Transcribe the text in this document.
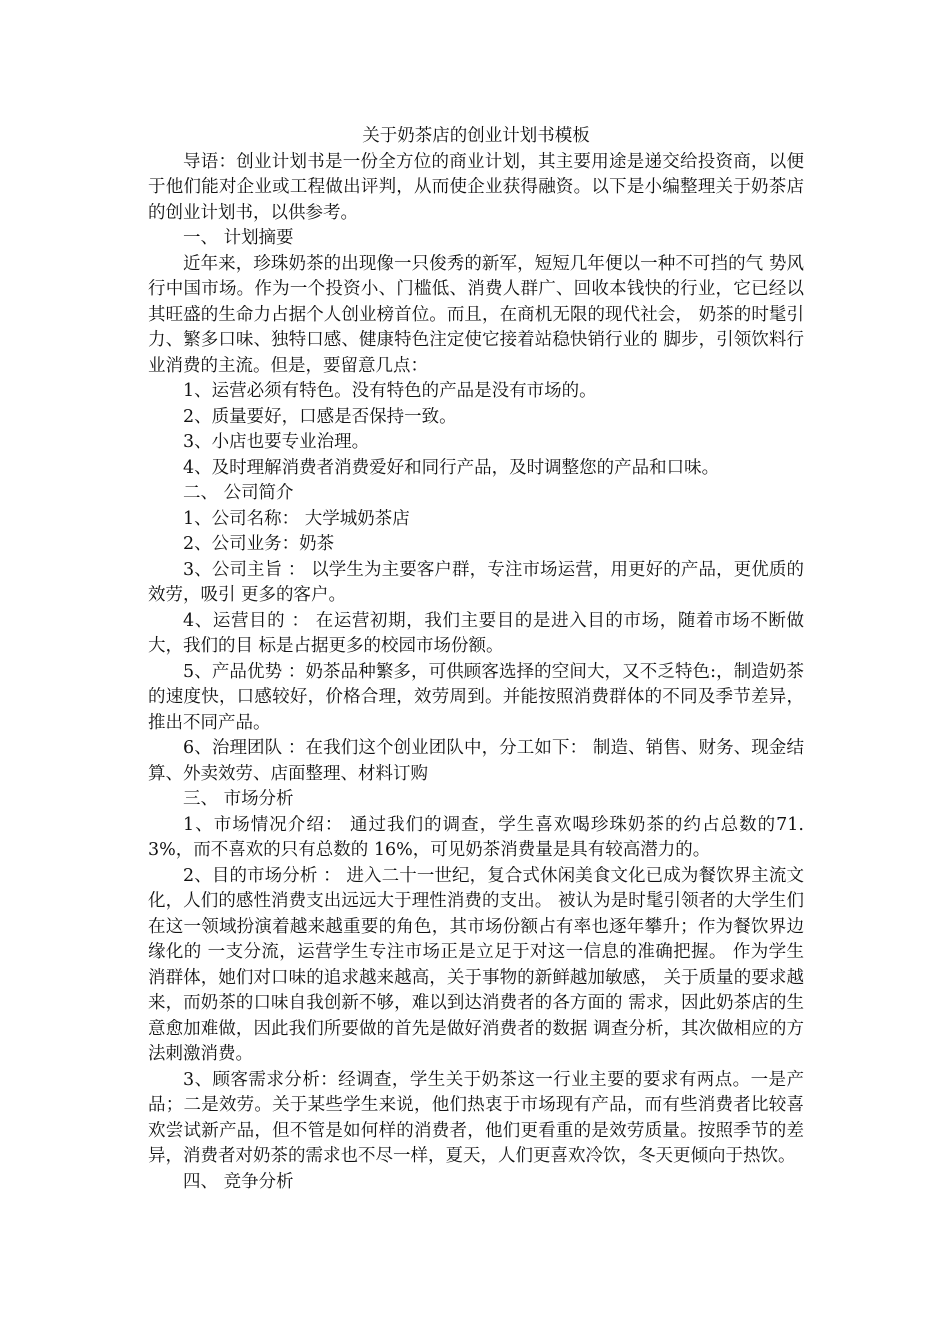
关于奶茶店的创业计划书模板

导语：创业计划书是一份全方位的商业计划，其主要用途是递交给投资商，以便于他们能对企业或工程做出评判，从而使企业获得融资。以下是小编整理关于奶茶店的创业计划书，以供参考。

一、 计划摘要

近年来，珍珠奶茶的出现像一只俊秀的新军，短短几年便以一种不可挡的气 势风行中国市场。作为一个投资小、门槛低、消费人群广、回收本钱快的行业，它已经以其旺盛的生命力占据个人创业榜首位。而且，在商机无限的现代社会， 奶茶的时髦引力、繁多口味、独特口感、健康特色注定使它接着站稳快销行业的 脚步，引领饮料行业消费的主流。但是，要留意几点：

1、运营必须有特色。没有特色的产品是没有市场的。

2、质量要好，口感是否保持一致。

3、小店也要专业治理。

4、及时理解消费者消费爱好和同行产品，及时调整您的产品和口味。

二、 公司简介

1、公司名称： 大学城奶茶店

2、公司业务：奶茶

3、公司主旨 ： 以学生为主要客户群，专注市场运营，用更好的产品，更优质的效劳，吸引 更多的客户。

4、运营目的 ： 在运营初期，我们主要目的是进入目的市场，随着市场不断做大，我们的目 标是占据更多的校园市场份额。

5、产品优势 ：奶茶品种繁多，可供顾客选择的空间大，又不乏特色:，制造奶茶的速度快，口感较好，价格合理，效劳周到。并能按照消费群体的不同及季节差异，推出不同产品。

6、治理团队 ：在我们这个创业团队中，分工如下： 制造、销售、财务、现金结算、外卖效劳、店面整理、材料订购

三、 市场分析

1、市场情况介绍： 通过我们的调查，学生喜欢喝珍珠奶茶的约占总数的71.3%，而不喜欢的只有总数的 16%，可见奶茶消费量是具有较高潜力的。

2、目的市场分析 ： 进入二十一世纪，复合式休闲美食文化已成为餐饮界主流文化，人们的感性消费支出远远大于理性消费的支出。 被认为是时髦引领者的大学生们在这一领域扮演着越来越重要的角色，其市场份额占有率也逐年攀升；作为餐饮界边缘化的 一支分流，运营学生专注市场正是立足于对这一信息的准确把握。 作为学生消群体，她们对口味的追求越来越高，关于事物的新鲜越加敏感， 关于质量的要求越来，而奶茶的口味自我创新不够，难以到达消费者的各方面的 需求，因此奶茶店的生意愈加难做，因此我们所要做的首先是做好消费者的数据 调查分析，其次做相应的方法刺激消费。

3、顾客需求分析：经调查，学生关于奶茶这一行业主要的要求有两点。一是产品；二是效劳。关于某些学生来说，他们热衷于市场现有产品，而有些消费者比较喜欢尝试新产品，但不管是如何样的消费者，他们更看重的是效劳质量。按照季节的差异，消费者对奶茶的需求也不尽一样，夏天，人们更喜欢冷饮，冬天更倾向于热饮。

四、 竞争分析
